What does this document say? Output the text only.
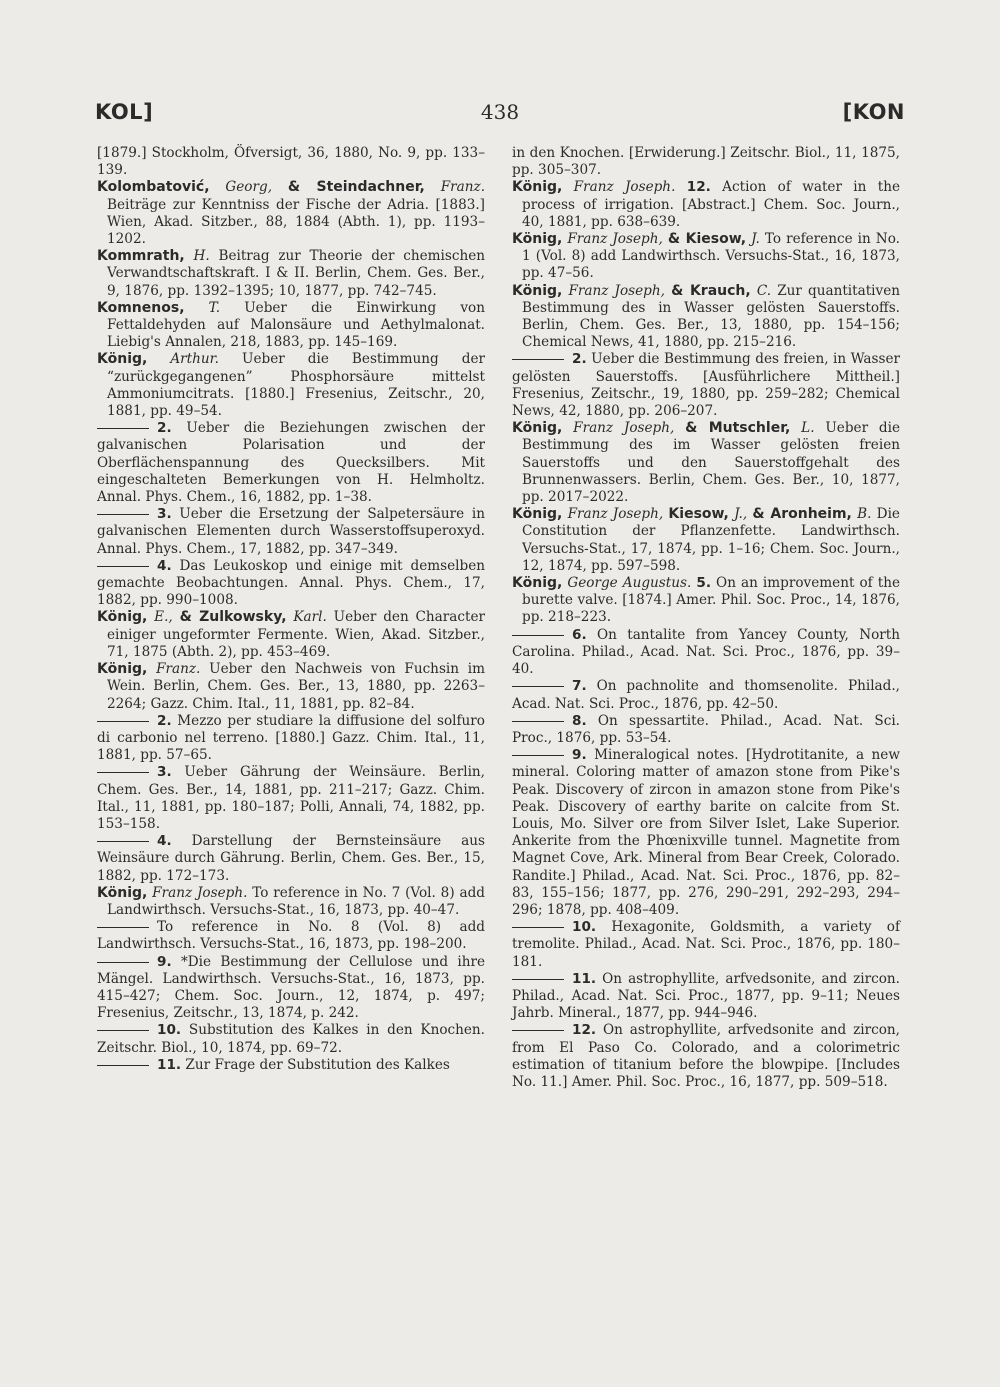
KOL]	438	[KON
[1879.] Stockholm, Öfversigt, 36, 1880, No. 9, pp. 133–139.
Kolombatović, Georg, & Steindachner, Franz. Beiträge zur Kenntniss der Fische der Adria. [1883.] Wien, Akad. Sitzber., 88, 1884 (Abth. 1), pp. 1193–1202.
Kommrath, H. Beitrag zur Theorie der chemischen Verwandtschaftskraft. I & II. Berlin, Chem. Ges. Ber., 9, 1876, pp. 1392–1395; 10, 1877, pp. 742–745.
Komnenos, T. Ueber die Einwirkung von Fettaldehyden auf Malonsäure und Aethylmalonat. Liebig's Annalen, 218, 1883, pp. 145–169.
König, Arthur. Ueber die Bestimmung der “zurückgegangenen” Phosphorsäure mittelst Ammoniumcitrats. [1880.] Fresenius, Zeitschr., 20, 1881, pp. 49–54.
2. Ueber die Beziehungen zwischen der galvanischen Polarisation und der Oberflächenspannung des Quecksilbers. Mit eingeschalteten Bemerkungen von H. Helmholtz. Annal. Phys. Chem., 16, 1882, pp. 1–38.
3. Ueber die Ersetzung der Salpetersäure in galvanischen Elementen durch Wasserstoffsuperoxyd. Annal. Phys. Chem., 17, 1882, pp. 347–349.
4. Das Leukoskop und einige mit demselben gemachte Beobachtungen. Annal. Phys. Chem., 17, 1882, pp. 990–1008.
König, E., & Zulkowsky, Karl. Ueber den Character einiger ungeformter Fermente. Wien, Akad. Sitzber., 71, 1875 (Abth. 2), pp. 453–469.
König, Franz. Ueber den Nachweis von Fuchsin im Wein. Berlin, Chem. Ges. Ber., 13, 1880, pp. 2263–2264; Gazz. Chim. Ital., 11, 1881, pp. 82–84.
2. Mezzo per studiare la diffusione del solfuro di carbonio nel terreno. [1880.] Gazz. Chim. Ital., 11, 1881, pp. 57–65.
3. Ueber Gährung der Weinsäure. Berlin, Chem. Ges. Ber., 14, 1881, pp. 211–217; Gazz. Chim. Ital., 11, 1881, pp. 180–187; Polli, Annali, 74, 1882, pp. 153–158.
4. Darstellung der Bernsteinsäure aus Weinsäure durch Gährung. Berlin, Chem. Ges. Ber., 15, 1882, pp. 172–173.
König, Franz Joseph. To reference in No. 7 (Vol. 8) add Landwirthsch. Versuchs-Stat., 16, 1873, pp. 40–47.
To reference in No. 8 (Vol. 8) add Landwirthsch. Versuchs-Stat., 16, 1873, pp. 198–200.
9. *Die Bestimmung der Cellulose und ihre Mängel. Landwirthsch. Versuchs-Stat., 16, 1873, pp. 415–427; Chem. Soc. Journ., 12, 1874, p. 497; Fresenius, Zeitschr., 13, 1874, p. 242.
10. Substitution des Kalkes in den Knochen. Zeitschr. Biol., 10, 1874, pp. 69–72.
11. Zur Frage der Substitution des Kalkes
in den Knochen. [Erwiderung.] Zeitschr. Biol., 11, 1875, pp. 305–307.
König, Franz Joseph. 12. Action of water in the process of irrigation. [Abstract.] Chem. Soc. Journ., 40, 1881, pp. 638–639.
König, Franz Joseph, & Kiesow, J. To reference in No. 1 (Vol. 8) add Landwirthsch. Versuchs-Stat., 16, 1873, pp. 47–56.
König, Franz Joseph, & Krauch, C. Zur quantitativen Bestimmung des in Wasser gelösten Sauerstoffs. Berlin, Chem. Ges. Ber., 13, 1880, pp. 154–156; Chemical News, 41, 1880, pp. 215–216.
2. Ueber die Bestimmung des freien, in Wasser gelösten Sauerstoffs. [Ausführlichere Mittheil.] Fresenius, Zeitschr., 19, 1880, pp. 259–282; Chemical News, 42, 1880, pp. 206–207.
König, Franz Joseph, & Mutschler, L. Ueber die Bestimmung des im Wasser gelösten freien Sauerstoffs und den Sauerstoffgehalt des Brunnenwassers. Berlin, Chem. Ges. Ber., 10, 1877, pp. 2017–2022.
König, Franz Joseph, Kiesow, J., & Aronheim, B. Die Constitution der Pflanzenfette. Landwirthsch. Versuchs-Stat., 17, 1874, pp. 1–16; Chem. Soc. Journ., 12, 1874, pp. 597–598.
König, George Augustus. 5. On an improvement of the burette valve. [1874.] Amer. Phil. Soc. Proc., 14, 1876, pp. 218–223.
6. On tantalite from Yancey County, North Carolina. Philad., Acad. Nat. Sci. Proc., 1876, pp. 39–40.
7. On pachnolite and thomsenolite. Philad., Acad. Nat. Sci. Proc., 1876, pp. 42–50.
8. On spessartite. Philad., Acad. Nat. Sci. Proc., 1876, pp. 53–54.
9. Mineralogical notes. [Hydrotitanite, a new mineral. Coloring matter of amazon stone from Pike's Peak. Discovery of zircon in amazon stone from Pike's Peak. Discovery of earthy barite on calcite from St. Louis, Mo. Silver ore from Silver Islet, Lake Superior. Ankerite from the Phœnixville tunnel. Magnetite from Magnet Cove, Ark. Mineral from Bear Creek, Colorado. Randite.] Philad., Acad. Nat. Sci. Proc., 1876, pp. 82–83, 155–156; 1877, pp. 276, 290–291, 292–293, 294–296; 1878, pp. 408–409.
10. Hexagonite, Goldsmith, a variety of tremolite. Philad., Acad. Nat. Sci. Proc., 1876, pp. 180–181.
11. On astrophyllite, arfvedsonite, and zircon. Philad., Acad. Nat. Sci. Proc., 1877, pp. 9–11; Neues Jahrb. Mineral., 1877, pp. 944–946.
12. On astrophyllite, arfvedsonite and zircon, from El Paso Co. Colorado, and a colorimetric estimation of titanium before the blowpipe. [Includes No. 11.] Amer. Phil. Soc. Proc., 16, 1877, pp. 509–518.
